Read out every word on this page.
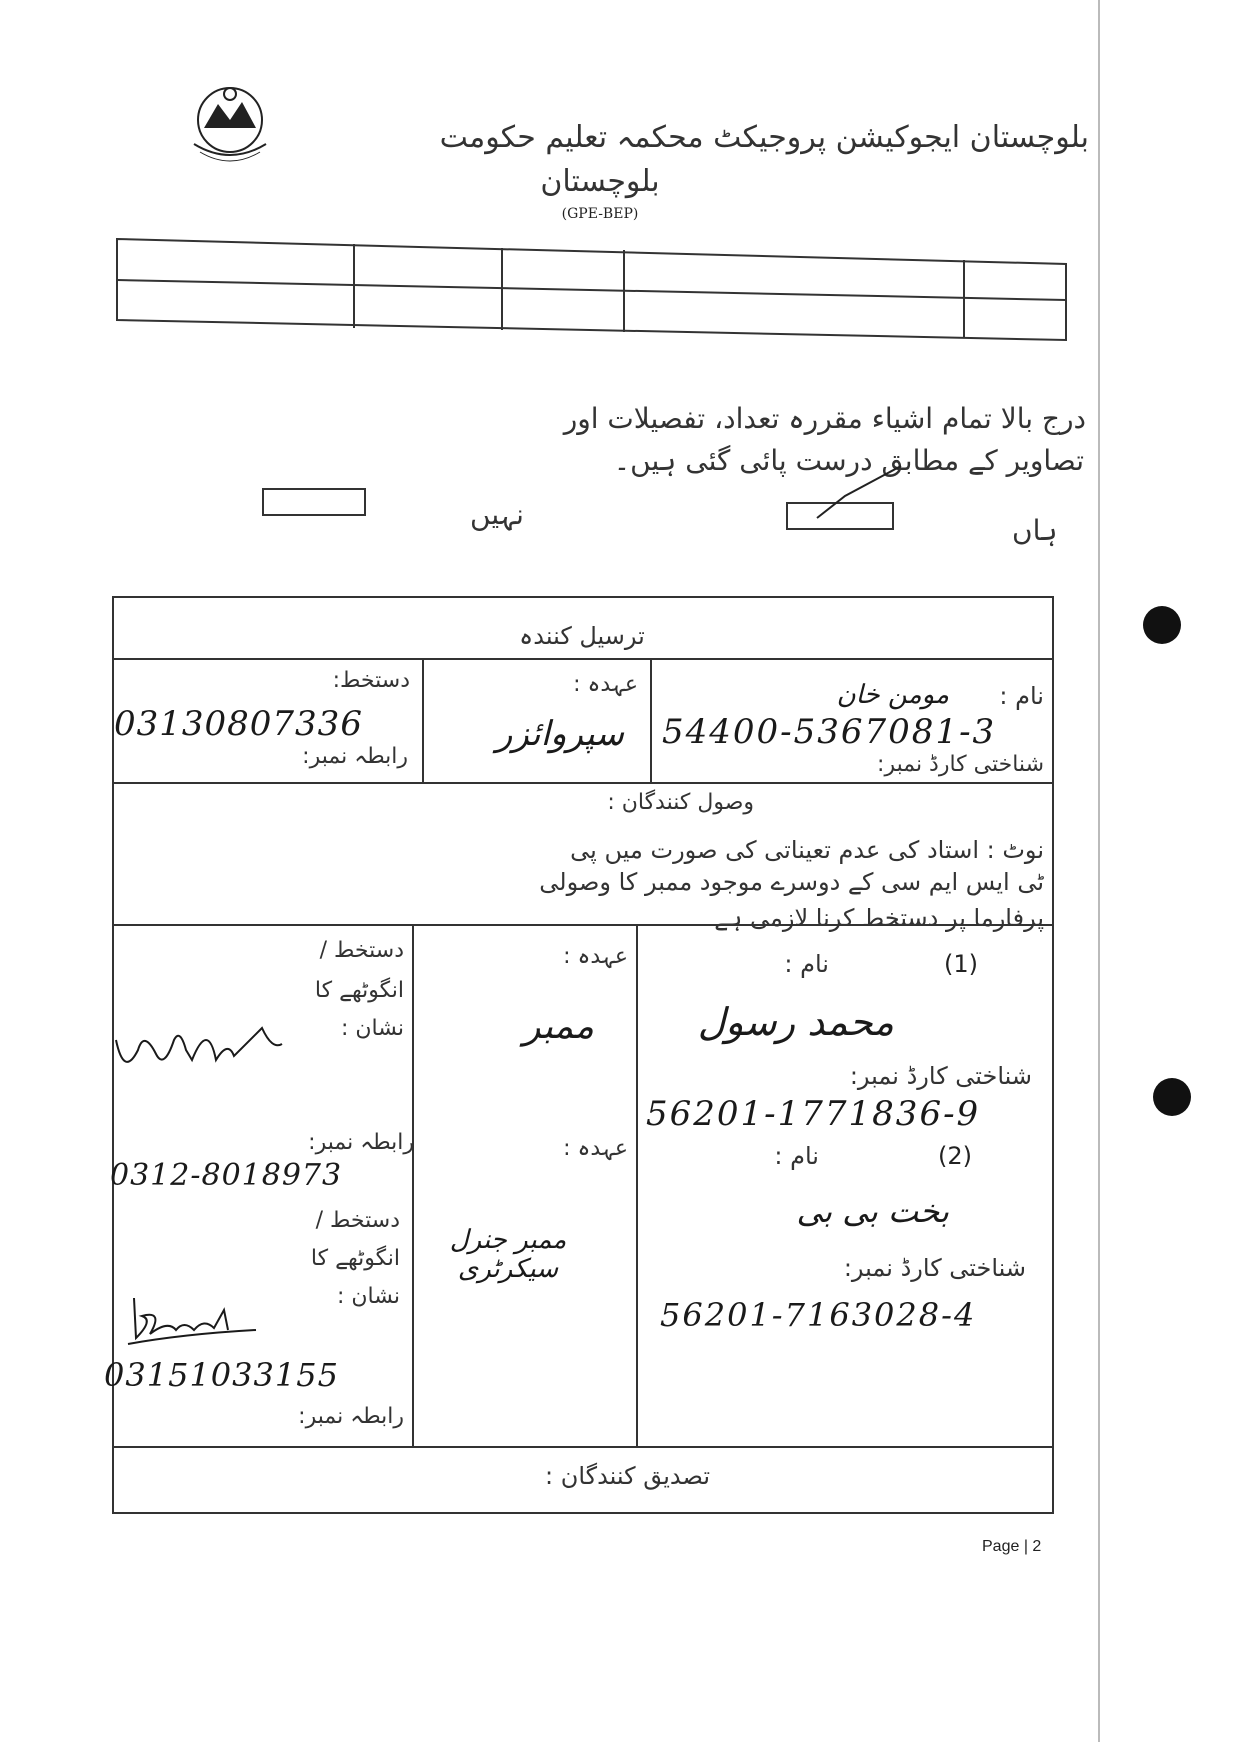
بلوچستان ایجوکیشن پروجیکٹ محکمہ تعلیم حکومت
بلوچستان
(GPE-BEP)
درج بالا تمام اشیاء مقررہ تعداد، تفصیلات اور
تصاویر کے مطابق درست پائی گئی ہیں۔
نہیں	ہاں
ترسیل کنندہ
نام :
مومن خان
54400-5367081-3
شناختی کارڈ نمبر:
عہدہ :
سپروائزر
دستخط:
03130807336
رابطہ نمبر:
وصول کنندگان :
نوٹ : استاد کی عدم تعیناتی کی صورت میں پی
ٹی ایس ایم سی کے دوسرے موجود ممبر کا وصولی
پرفارما پر دستخط کرنا لازمی ہے۔
(1)
نام :
محمد رسول
شناختی کارڈ نمبر:
56201-1771836-9
عہدہ :
ممبر
دستخط /
انگوٹھے کا
نشان :
رابطہ نمبر:
0312-8018973
(2)
نام :
بخت بی بی
شناختی کارڈ نمبر:
56201-7163028-4
عہدہ :
ممبر جنرل سیکرٹری
دستخط /
انگوٹھے کا
نشان :
03151033155
رابطہ نمبر:
تصدیق کنندگان :
Page | 2
